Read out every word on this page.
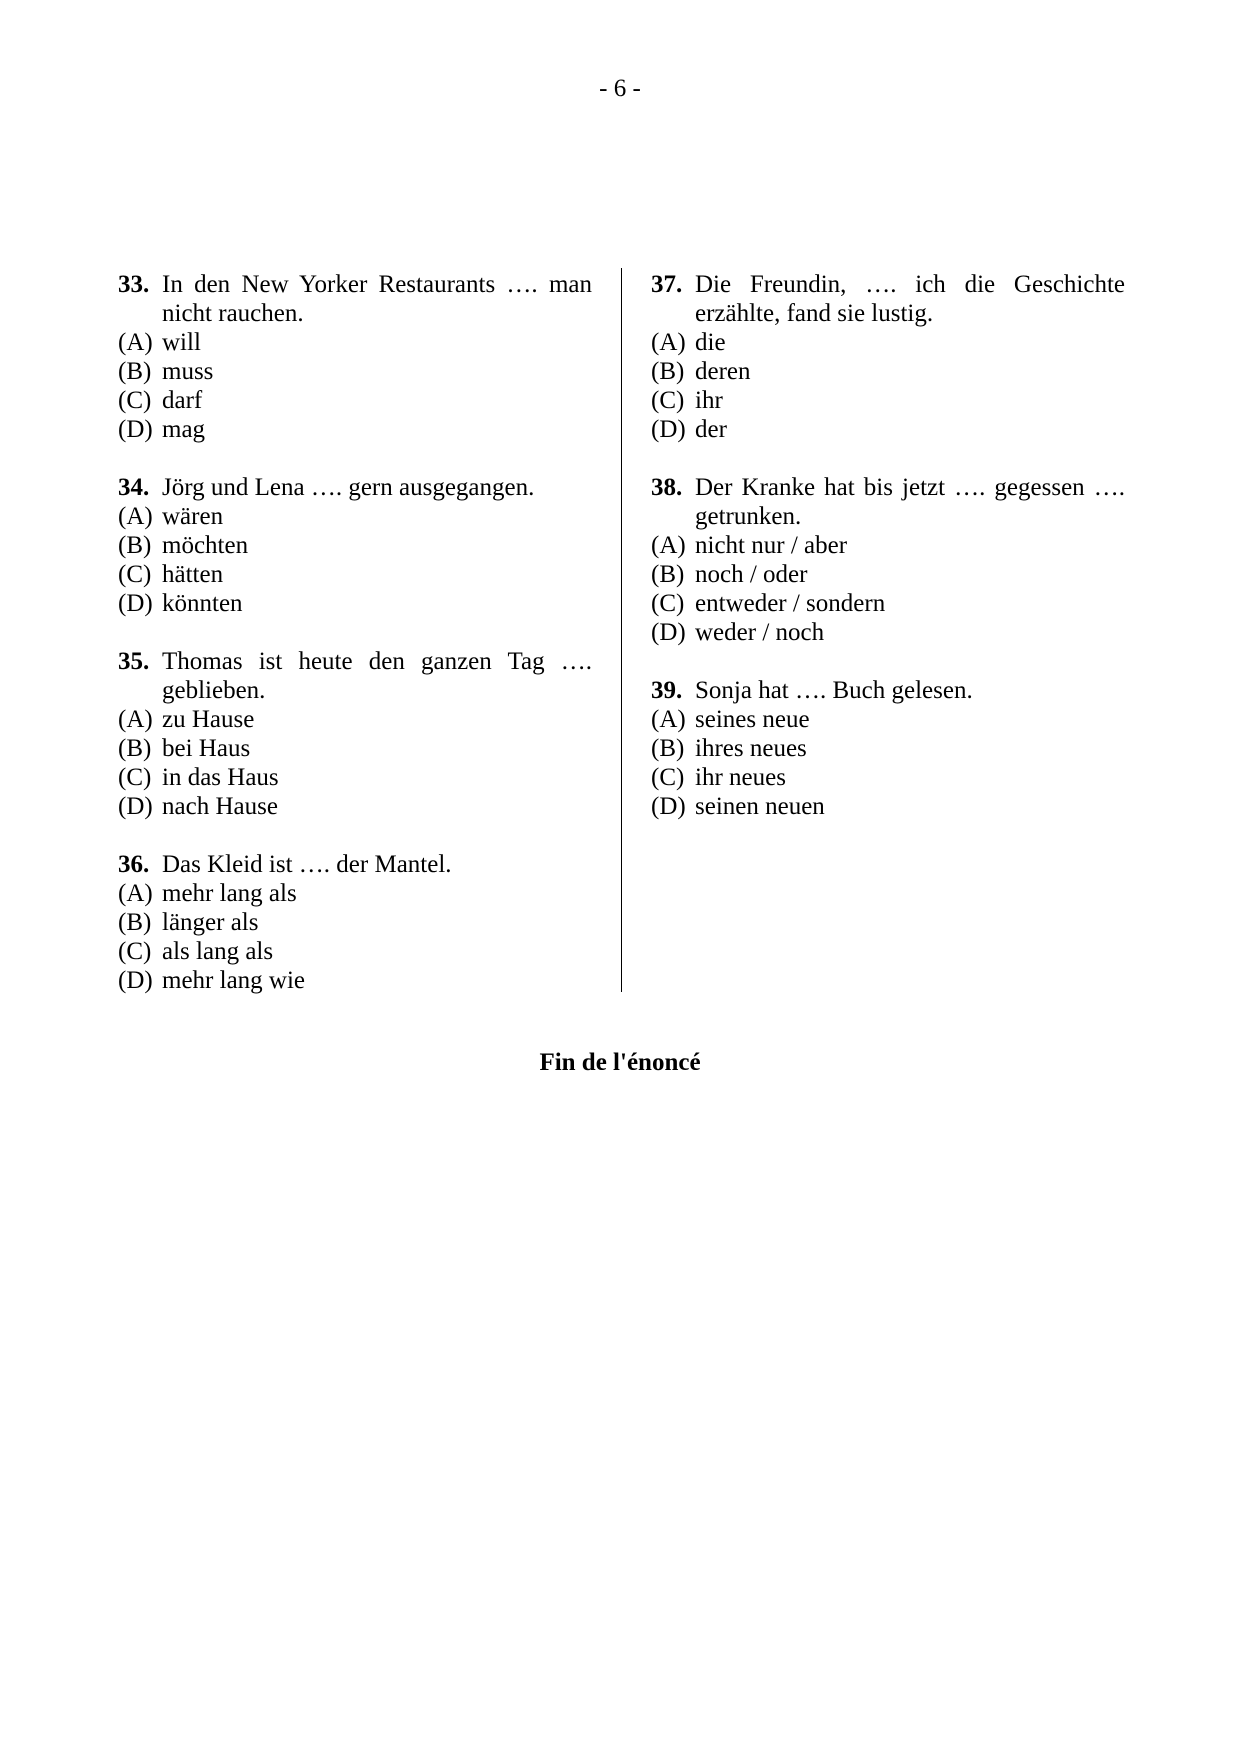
- 6 -
33. In den New Yorker Restaurants …. man nicht rauchen.
(A) will
(B) muss
(C) darf
(D) mag
34. Jörg und Lena …. gern ausgegangen.
(A) wären
(B) möchten
(C) hätten
(D) könnten
35. Thomas ist heute den ganzen Tag …. geblieben.
(A) zu Hause
(B) bei Haus
(C) in das Haus
(D) nach Hause
36. Das Kleid ist …. der Mantel.
(A) mehr lang als
(B) länger als
(C) als lang als
(D) mehr lang wie
37. Die Freundin, …. ich die Geschichte erzählte, fand sie lustig.
(A) die
(B) deren
(C) ihr
(D) der
38. Der Kranke hat bis jetzt …. gegessen …. getrunken.
(A) nicht nur / aber
(B) noch / oder
(C) entweder / sondern
(D) weder / noch
39. Sonja hat …. Buch gelesen.
(A) seines neue
(B) ihres neues
(C) ihr neues
(D) seinen neuen
Fin de l'énoncé
